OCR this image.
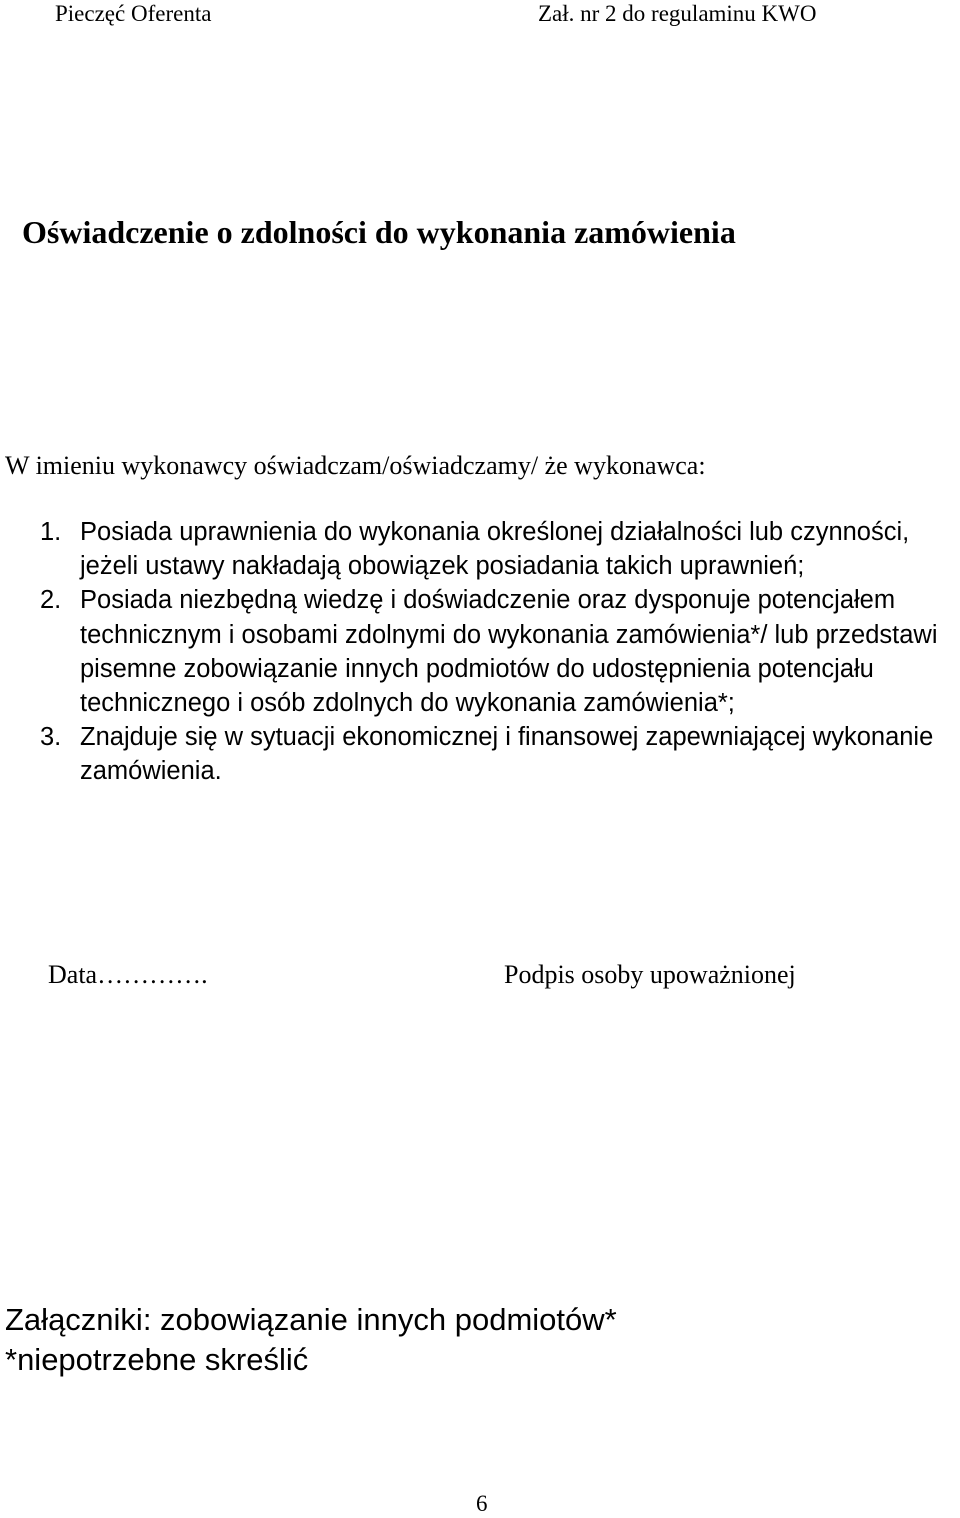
Pieczęć Oferenta	Zał. nr 2 do regulaminu KWO
Oświadczenie o zdolności do wykonania zamówienia
W imieniu wykonawcy oświadczam/oświadczamy/ że wykonawca:
1. Posiada uprawnienia do wykonania określonej działalności lub czynności, jeżeli ustawy nakładają obowiązek posiadania takich uprawnień;
2. Posiada niezbędną wiedzę i doświadczenie oraz dysponuje potencjałem technicznym i osobami zdolnymi do wykonania zamówienia*/ lub przedstawi pisemne zobowiązanie innych podmiotów do udostępnienia potencjału technicznego i osób zdolnych do wykonania zamówienia*;
3. Znajduje się w sytuacji ekonomicznej i finansowej zapewniającej wykonanie zamówienia.
Data………….	Podpis osoby upoważnionej
Załączniki: zobowiązanie innych podmiotów*
*niepotrzebne skreślić
6
